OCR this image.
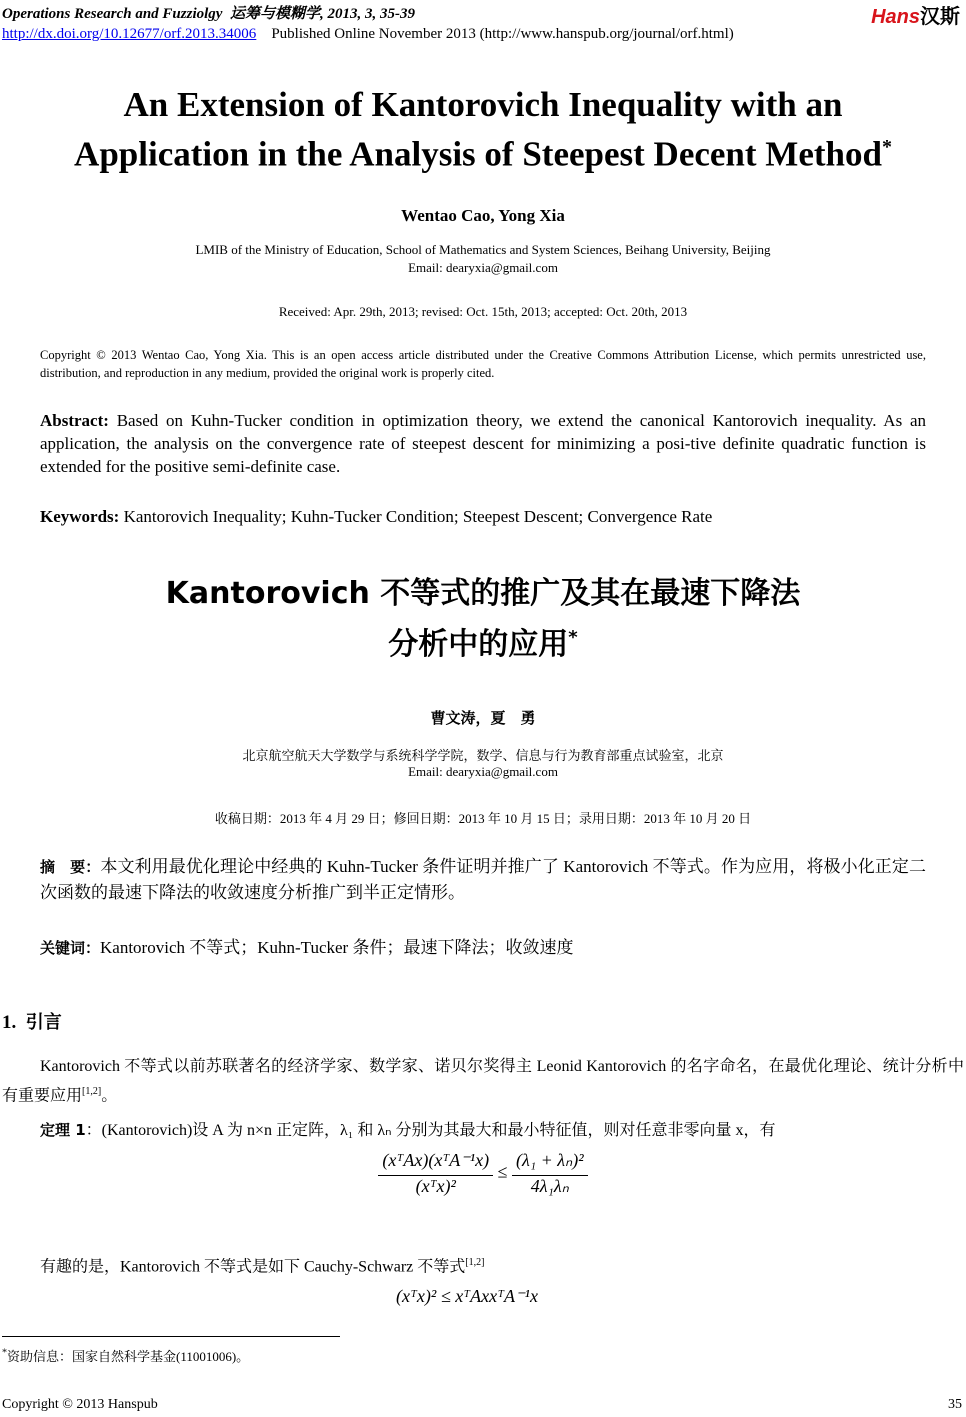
Operations Research and Fuzziolgy 运筹与模糊学, 2013, 3, 35-39
http://dx.doi.org/10.12677/orf.2013.34006 Published Online November 2013 (http://www.hanspub.org/journal/orf.html)
Hans汉斯
An Extension of Kantorovich Inequality with an
Application in the Analysis of Steepest Decent Method*
Wentao Cao, Yong Xia
LMIB of the Ministry of Education, School of Mathematics and System Sciences, Beihang University, Beijing
Email: dearyxia@gmail.com
Received: Apr. 29th, 2013; revised: Oct. 15th, 2013; accepted: Oct. 20th, 2013
Copyright © 2013 Wentao Cao, Yong Xia. This is an open access article distributed under the Creative Commons Attribution License, which permits unrestricted use, distribution, and reproduction in any medium, provided the original work is properly cited.
Abstract: Based on Kuhn-Tucker condition in optimization theory, we extend the canonical Kantorovich inequality. As an application, the analysis on the convergence rate of steepest descent for minimizing a posi-tive definite quadratic function is extended for the positive semi-definite case.
Keywords: Kantorovich Inequality; Kuhn-Tucker Condition; Steepest Descent; Convergence Rate
Kantorovich 不等式的推广及其在最速下降法
分析中的应用*
曹文涛，夏　勇
北京航空航天大学数学与系统科学学院，数学、信息与行为教育部重点试验室，北京
Email: dearyxia@gmail.com
收稿日期：2013 年 4 月 29 日；修回日期：2013 年 10 月 15 日；录用日期：2013 年 10 月 20 日
摘　要：本文利用最优化理论中经典的 Kuhn-Tucker 条件证明并推广了 Kantorovich 不等式。作为应用，将极小化正定二次函数的最速下降法的收敛速度分析推广到半正定情形。
关键词：Kantorovich 不等式；Kuhn-Tucker 条件；最速下降法；收敛速度
1. 引言
Kantorovich 不等式以前苏联著名的经济学家、数学家、诺贝尔奖得主 Leonid Kantorovich 的名字命名，在最优化理论、统计分析中有重要应用[1,2]。
定理 1：(Kantorovich)设 A 为 n×n 正定阵，λ₁ 和 λₙ 分别为其最大和最小特征值，则对任意非零向量 x，有
$\frac{\text{(xᵀAx)(xᵀA⁻¹x)}}{\text{(xᵀx)²}} \le \frac{\text{(λ₁ + λₙ)²}}{\text{4λ₁λₙ}}$
有趣的是，Kantorovich 不等式是如下 Cauchy-Schwarz 不等式[1,2]
(xᵀx)² ≤ xᵀAxxᵀA⁻¹x
*资助信息：国家自然科学基金(11001006)。
Copyright © 2013 Hanspub	35
